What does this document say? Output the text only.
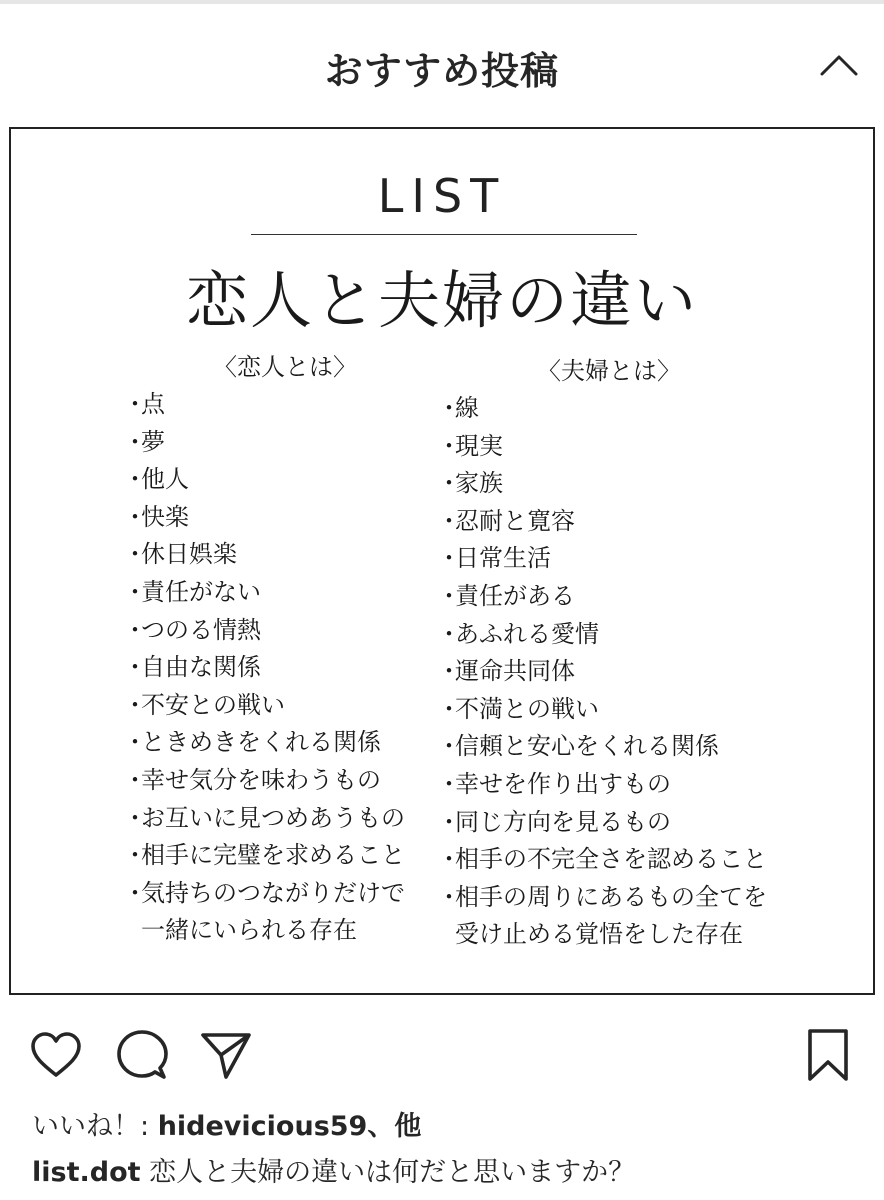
おすすめ投稿
LIST
恋人と夫婦の違い
〈恋人とは〉
・点
・夢
・他人
・快楽
・休日娯楽
・責任がない
・つのる情熱
・自由な関係
・不安との戦い
・ときめきをくれる関係
・幸せ気分を味わうもの
・お互いに見つめあうもの
・相手に完璧を求めること
・気持ちのつながりだけで
一緒にいられる存在
〈夫婦とは〉
・線
・現実
・家族
・忍耐と寛容
・日常生活
・責任がある
・あふれる愛情
・運命共同体
・不満との戦い
・信頼と安心をくれる関係
・幸せを作り出すもの
・同じ方向を見るもの
・相手の不完全さを認めること
・相手の周りにあるもの全てを
受け止める覚悟をした存在
いいね！: hidevicious59、他
list.dot 恋人と夫婦の違いは何だと思いますか？
